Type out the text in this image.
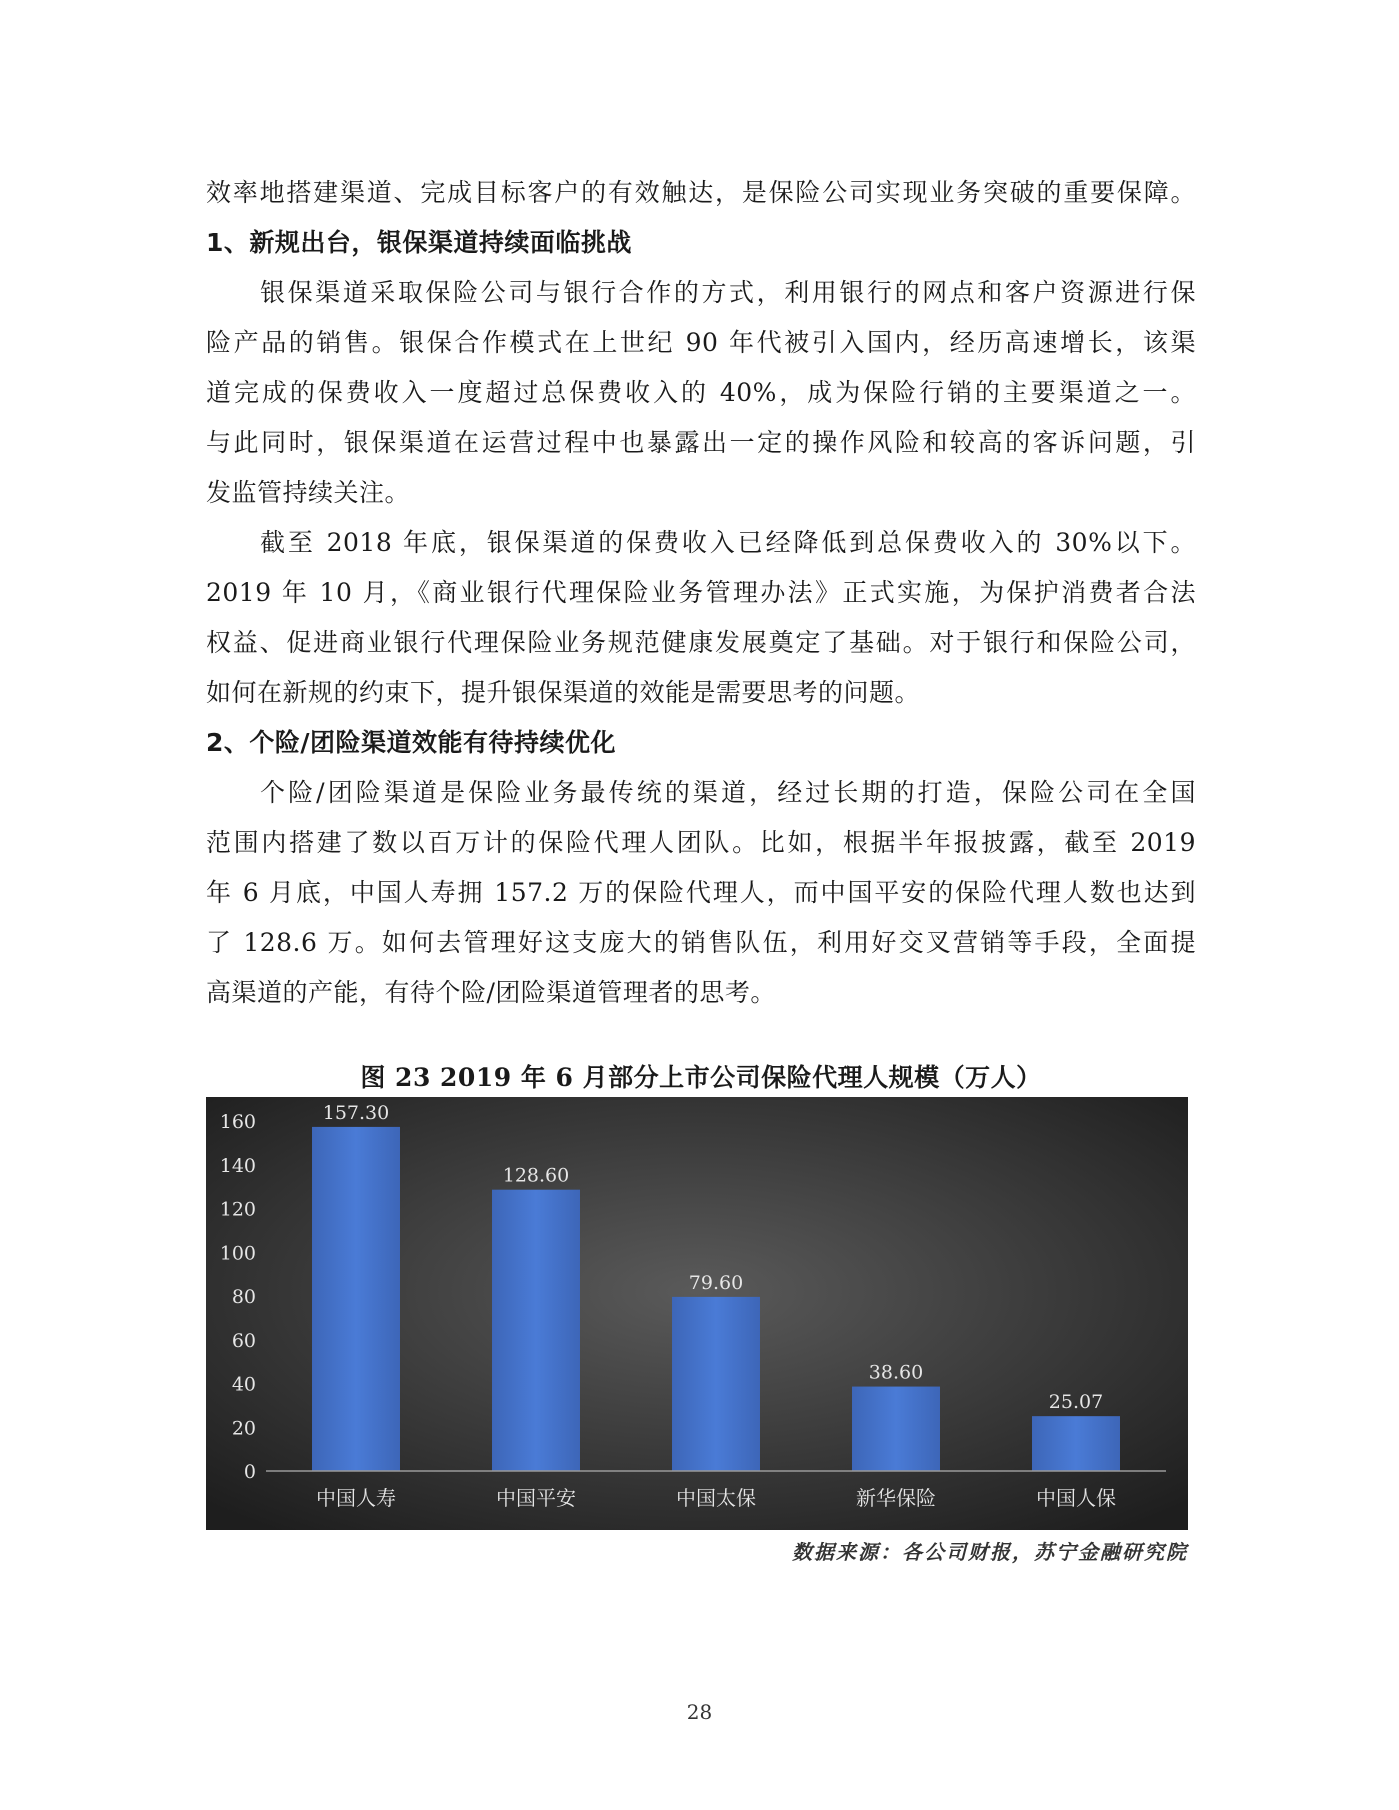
效率地搭建渠道、完成目标客户的有效触达，是保险公司实现业务突破的重要保障。
1、新规出台，银保渠道持续面临挑战
银保渠道采取保险公司与银行合作的方式，利用银行的网点和客户资源进行保
险产品的销售。银保合作模式在上世纪 90 年代被引入国内，经历高速增长，该渠
道完成的保费收入一度超过总保费收入的 40%，成为保险行销的主要渠道之一。
与此同时，银保渠道在运营过程中也暴露出一定的操作风险和较高的客诉问题，引
发监管持续关注。
截至 2018 年底，银保渠道的保费收入已经降低到总保费收入的 30%以下。
2019 年 10 月，《商业银行代理保险业务管理办法》正式实施，为保护消费者合法
权益、促进商业银行代理保险业务规范健康发展奠定了基础。对于银行和保险公司，
如何在新规的约束下，提升银保渠道的效能是需要思考的问题。
2、个险/团险渠道效能有待持续优化
个险/团险渠道是保险业务最传统的渠道，经过长期的打造，保险公司在全国
范围内搭建了数以百万计的保险代理人团队。比如，根据半年报披露，截至 2019
年 6 月底，中国人寿拥 157.2 万的保险代理人，而中国平安的保险代理人数也达到
了 128.6 万。如何去管理好这支庞大的销售队伍，利用好交叉营销等手段，全面提
高渠道的产能，有待个险/团险渠道管理者的思考。
图 23 2019 年 6 月部分上市公司保险代理人规模（万人）
0
20
40
60
80
100
120
140
160	157.30
128.60
79.60
38.60
25.07
中国人寿	中国平安	中国太保	新华保险	中国人保
数据来源：各公司财报，苏宁金融研究院
28
